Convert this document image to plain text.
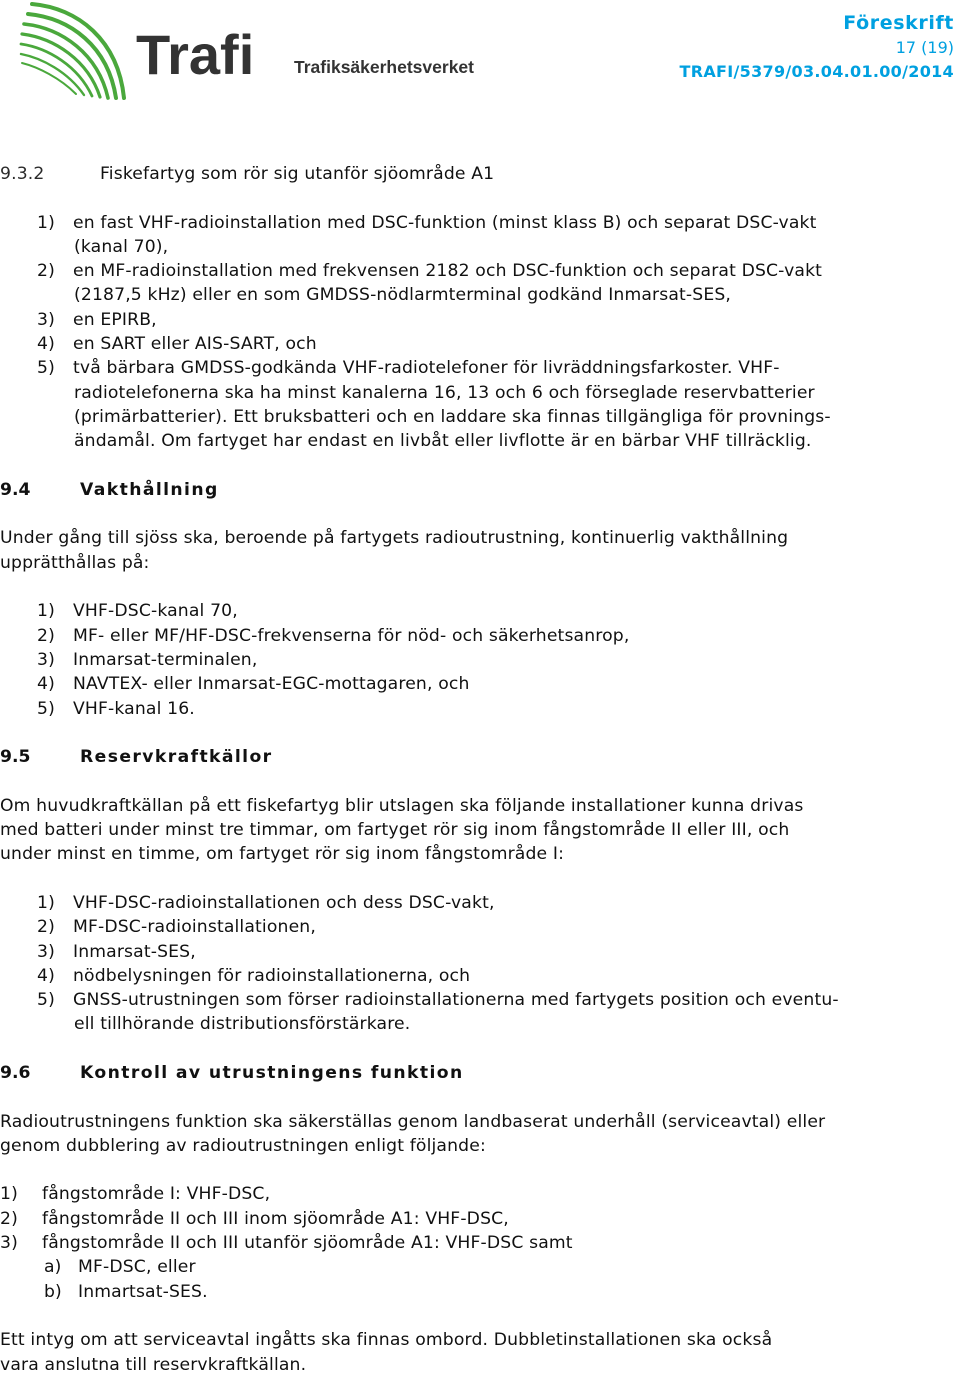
Trafi Trafiksäkerhetsverket
Föreskrift
17 (19)
TRAFI/5379/03.04.01.00/2014
9.3.2	Fiskefartyg som rör sig utanför sjöområde A1
1) en fast VHF-radioinstallation med DSC-funktion (minst klass B) och separat DSC-vakt
(kanal 70),
2) en MF-radioinstallation med frekvensen 2182 och DSC-funktion och separat DSC-vakt
(2187,5 kHz) eller en som GMDSS-nödlarmterminal godkänd Inmarsat-SES,
3) en EPIRB,
4) en SART eller AIS-SART, och
5) två bärbara GMDSS-godkända VHF-radiotelefoner för livräddningsfarkoster. VHF-
radiotelefonerna ska ha minst kanalerna 16, 13 och 6 och förseglade reservbatterier
(primärbatterier). Ett bruksbatteri och en laddare ska finnas tillgängliga för provnings-
ändamål. Om fartyget har endast en livbåt eller livflotte är en bärbar VHF tillräcklig.
9.4	Vakthållning
Under gång till sjöss ska, beroende på fartygets radioutrustning, kontinuerlig vakthållning
upprätthållas på:
1) VHF-DSC-kanal 70,
2) MF- eller MF/HF-DSC-frekvenserna för nöd- och säkerhetsanrop,
3) Inmarsat-terminalen,
4) NAVTEX- eller Inmarsat-EGC-mottagaren, och
5) VHF-kanal 16.
9.5	Reservkraftkällor
Om huvudkraftkällan på ett fiskefartyg blir utslagen ska följande installationer kunna drivas
med batteri under minst tre timmar, om fartyget rör sig inom fångstområde II eller III, och
under minst en timme, om fartyget rör sig inom fångstområde I:
1) VHF-DSC-radioinstallationen och dess DSC-vakt,
2) MF-DSC-radioinstallationen,
3) Inmarsat-SES,
4) nödbelysningen för radioinstallationerna, och
5) GNSS-utrustningen som förser radioinstallationerna med fartygets position och eventu-
ell tillhörande distributionsförstärkare.
9.6	Kontroll av utrustningens funktion
Radioutrustningens funktion ska säkerställas genom landbaserat underhåll (serviceavtal) eller
genom dubblering av radioutrustningen enligt följande:
1) fångstområde I: VHF-DSC,
2) fångstområde II och III inom sjöområde A1: VHF-DSC,
3) fångstområde II och III utanför sjöområde A1: VHF-DSC samt
a) MF-DSC, eller
b) Inmartsat-SES.
Ett intyg om att serviceavtal ingåtts ska finnas ombord. Dubbletinstallationen ska också
vara anslutna till reservkraftkällan.
